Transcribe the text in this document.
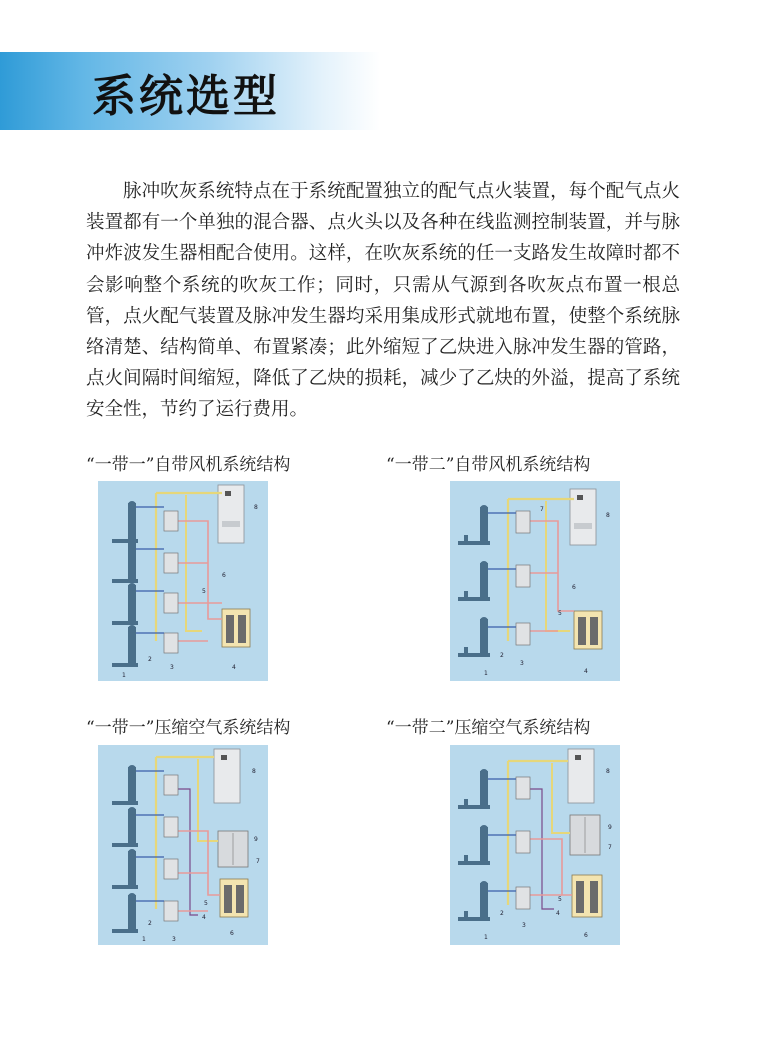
系统选型
脉冲吹灰系统特点在于系统配置独立的配气点火装置，每个配气点火装置都有一个单独的混合器、点火头以及各种在线监测控制装置，并与脉冲炸波发生器相配合使用。这样，在吹灰系统的任一支路发生故障时都不会影响整个系统的吹灰工作；同时，只需从气源到各吹灰点布置一根总管，点火配气装置及脉冲发生器均采用集成形式就地布置，使整个系统脉络清楚、结构简单、布置紧凑；此外缩短了乙炔进入脉冲发生器的管路，点火间隔时间缩短，降低了乙炔的损耗，减少了乙炔的外溢，提高了系统安全性，节约了运行费用。
“一带一”自带风机系统结构
1
2
3	4
5
6
8
“一带二”自带风机系统结构
1
2
3
4
5
6
7
8
“一带一”压缩空气系统结构
1
2
3
4
5
6
7
8
9
“一带二”压缩空气系统结构
1
2
3
4
5
6
7
8
9
